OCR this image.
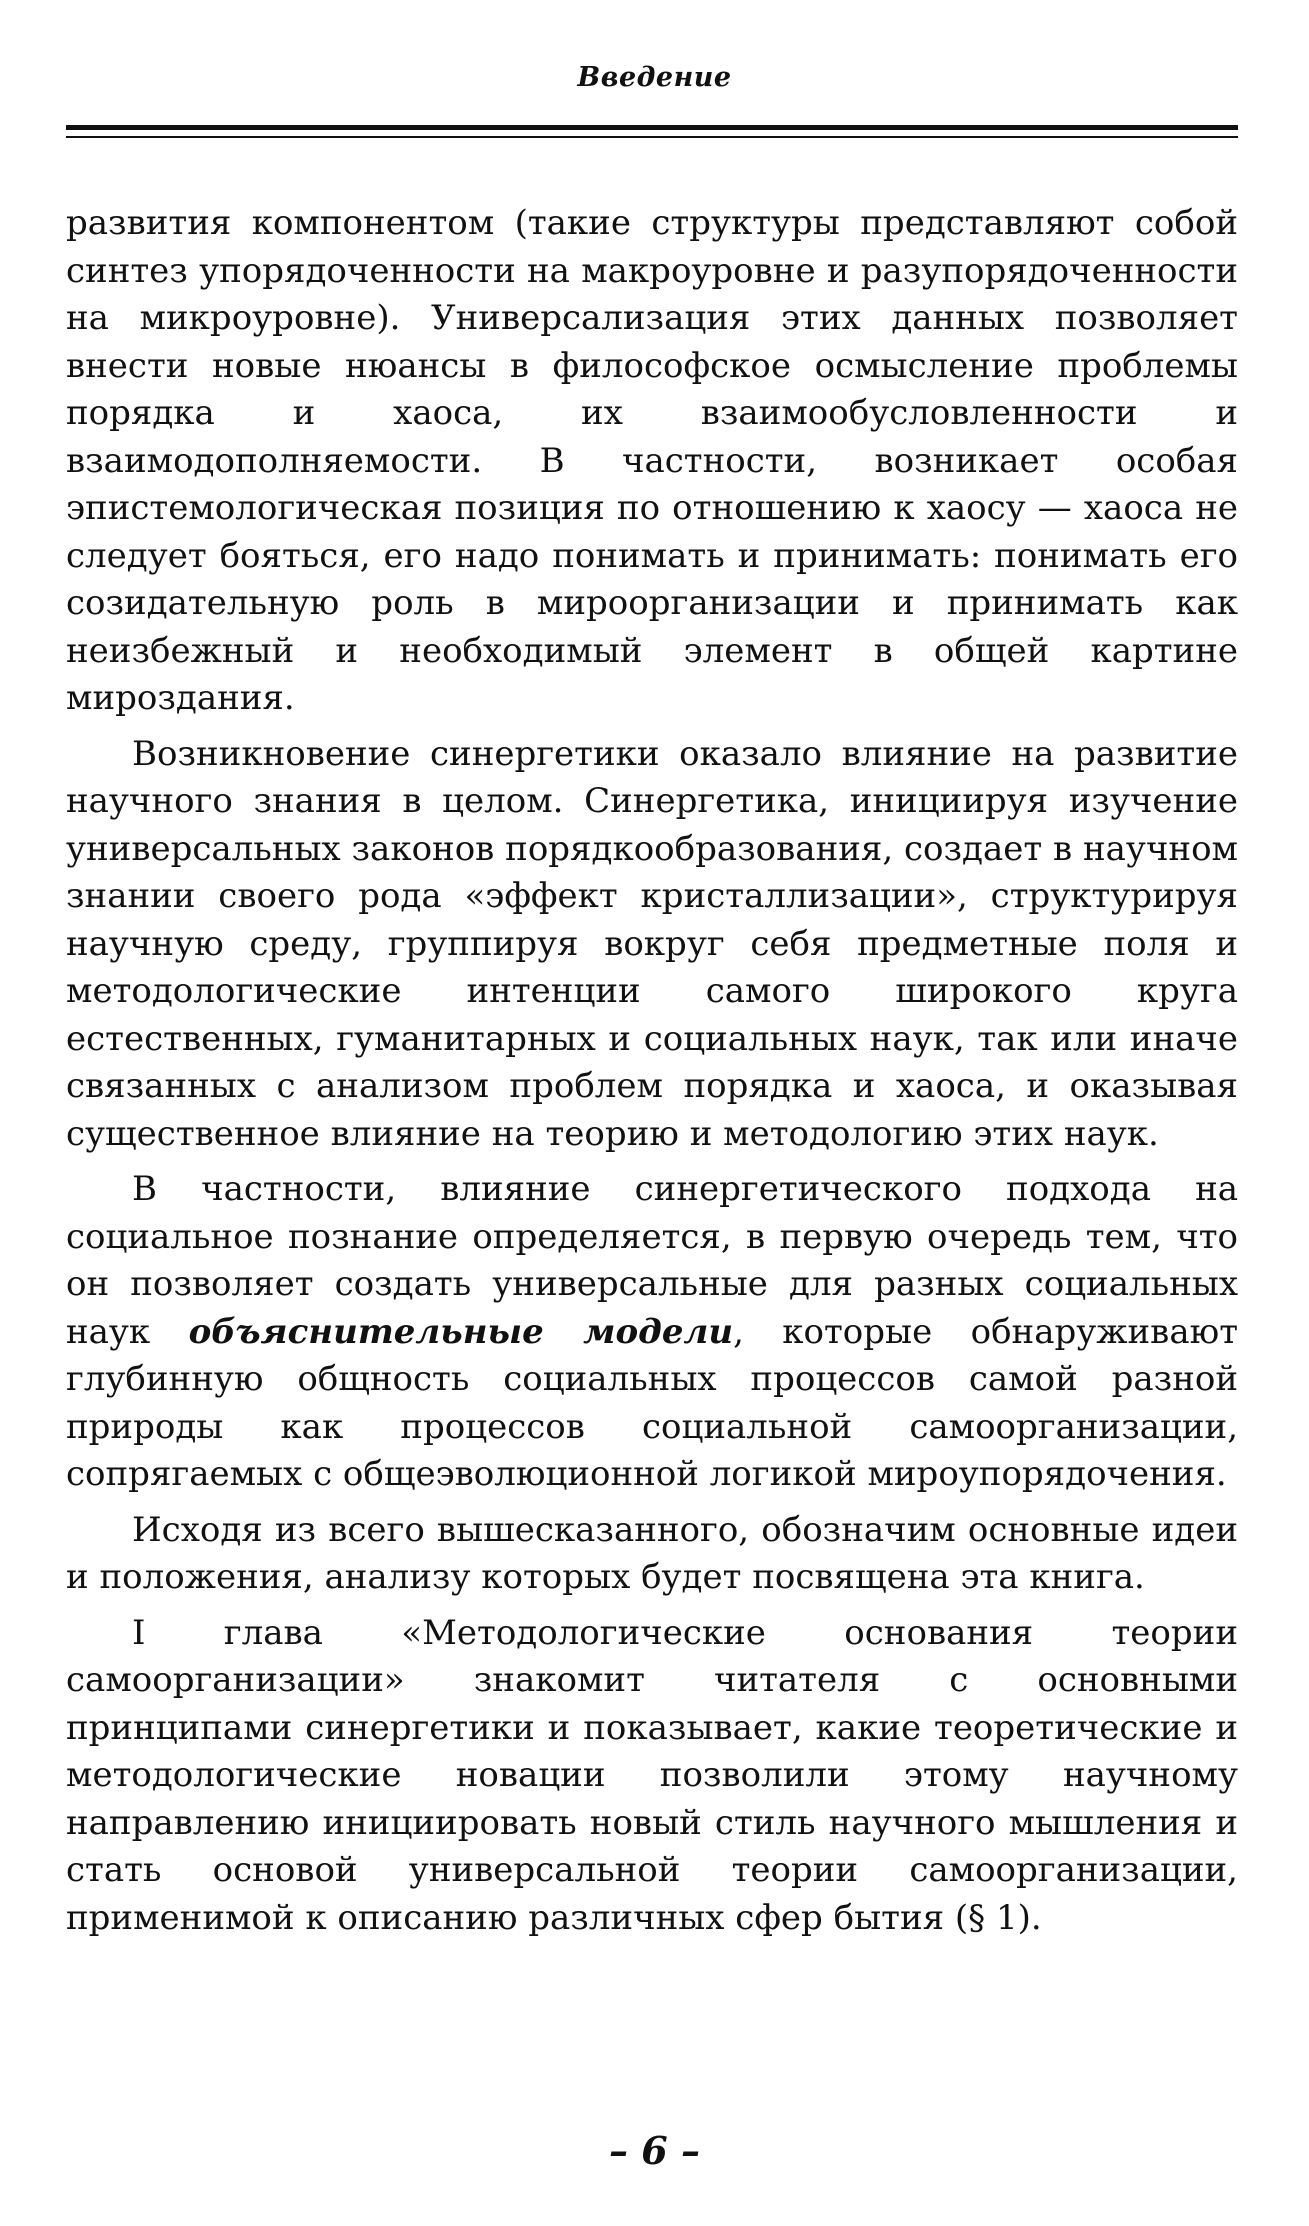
Введение

развития компонентом (такие структуры представляют собой синтез упорядоченности на макроуровне и разупорядоченности на микроуровне). Универсализация этих данных позволяет внести новые нюансы в философское осмысление проблемы порядка и хаоса, их взаимообусловленности и взаимодополняемости. В частности, возникает особая эпистемологическая позиция по отношению к хаосу — хаоса не следует бояться, его надо понимать и принимать: понимать его созидательную роль в мироорганизации и принимать как неизбежный и необходимый элемент в общей картине мироздания.

Возникновение синергетики оказало влияние на развитие научного знания в целом. Синергетика, инициируя изучение универсальных законов порядкообразования, создает в научном знании своего рода «эффект кристаллизации», структурируя научную среду, группируя вокруг себя предметные поля и методологические интенции самого широкого круга естественных, гуманитарных и социальных наук, так или иначе связанных с анализом проблем порядка и хаоса, и оказывая существенное влияние на теорию и методологию этих наук.

В частности, влияние синергетического подхода на социальное познание определяется, в первую очередь тем, что он позволяет создать универсальные для разных социальных наук объяснительные модели, которые обнаруживают глубинную общность социальных процессов самой разной природы как процессов социальной самоорганизации, сопрягаемых с общеэволюционной логикой мироупорядочения.

Исходя из всего вышесказанного, обозначим основные идеи и положения, анализу которых будет посвящена эта книга.

I глава «Методологические основания теории самоорганизации» знакомит читателя с основными принципами синергетики и показывает, какие теоретические и методологические новации позволили этому научному направлению инициировать новый стиль научного мышления и стать основой универсальной теории самоорганизации, применимой к описанию различных сфер бытия (§ 1).

– 6 –
